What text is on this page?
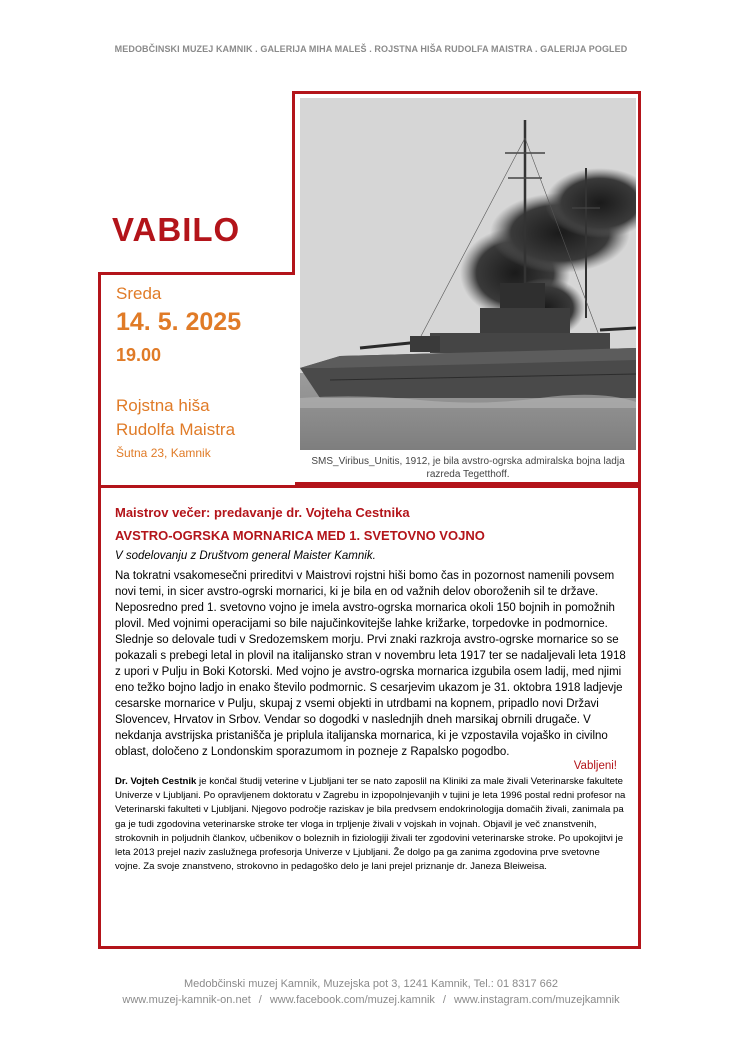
MEDOBČINSKI MUZEJ KAMNIK . GALERIJA MIHA MALEŠ . ROJSTNA HIŠA RUDOLFA MAISTRA . GALERIJA POGLED
SMS_Viribus_Unitis, 1912, je bila avstro-ogrska admiralska bojna ladja razreda Tegetthoff.
VABILO
Sreda
14. 5. 2025
19.00
Rojstna hiša
Rudolfa Maistra
Šutna 23, Kamnik
Maistrov večer: predavanje dr. Vojteha Cestnika
AVSTRO-OGRSKA MORNARICA MED 1. SVETOVNO VOJNO
V sodelovanju z Društvom general Maister Kamnik.
Na tokratni vsakomesečni prireditvi v Maistrovi rojstni hiši bomo čas in pozornost namenili povsem novi temi, in sicer avstro-ogrski mornarici, ki je bila en od važnih delov oboroženih sil te države. Neposredno pred 1. svetovno vojno je imela avstro-ogrska mornarica okoli 150 bojnih in pomožnih plovil. Med vojnimi operacijami so bile najučinkovitejše lahke križarke, torpedovke in podmornice. Slednje so delovale tudi v Sredozemskem morju. Prvi znaki razkroja avstro-ogrske mornarice so se pokazali s prebegi letal in plovil na italijansko stran v novembru leta 1917 ter se nadaljevali leta 1918 z upori v Pulju in Boki Kotorski. Med vojno je avstro-ogrska mornarica izgubila osem ladij, med njimi eno težko bojno ladjo in enako število podmornic. S cesarjevim ukazom je 31. oktobra 1918 ladjevje cesarske mornarice v Pulju, skupaj z vsemi objekti in utrdbami na kopnem, pripadlo novi Državi Slovencev, Hrvatov in Srbov. Vendar so dogodki v naslednjih dneh marsikaj obrnili drugače. V nekdanja avstrijska pristanišča je priplula italijanska mornarica, ki je vzpostavila vojaško in civilno oblast, določeno z Londonskim sporazumom in pozneje z Rapalsko pogodbo.
Vabljeni!
Dr. Vojteh Cestnik je končal študij veterine v Ljubljani ter se nato zaposlil na Kliniki za male živali Veterinarske fakultete Univerze v Ljubljani. Po opravljenem doktoratu v Zagrebu in izpopolnjevanjih v tujini je leta 1996 postal redni profesor na Veterinarski fakulteti v Ljubljani. Njegovo področje raziskav je bila predvsem endokrinologija domačih živali, zanimala pa ga je tudi zgodovina veterinarske stroke ter vloga in trpljenje živali v vojskah in vojnah. Objavil je več znanstvenih, strokovnih in poljudnih člankov, učbenikov o boleznih in fiziologiji živali ter zgodovini veterinarske stroke. Po upokojitvi je leta 2013 prejel naziv zaslužnega profesorja Univerze v Ljubljani. Že dolgo pa ga zanima zgodovina prve svetovne vojne. Za svoje znanstveno, strokovno in pedagoško delo je lani prejel priznanje dr. Janeza Bleiweisa.
Medobčinski muzej Kamnik, Muzejska pot 3, 1241 Kamnik, Tel.: 01 8317 662
www.muzej-kamnik-on.net / www.facebook.com/muzej.kamnik / www.instagram.com/muzejkamnik
